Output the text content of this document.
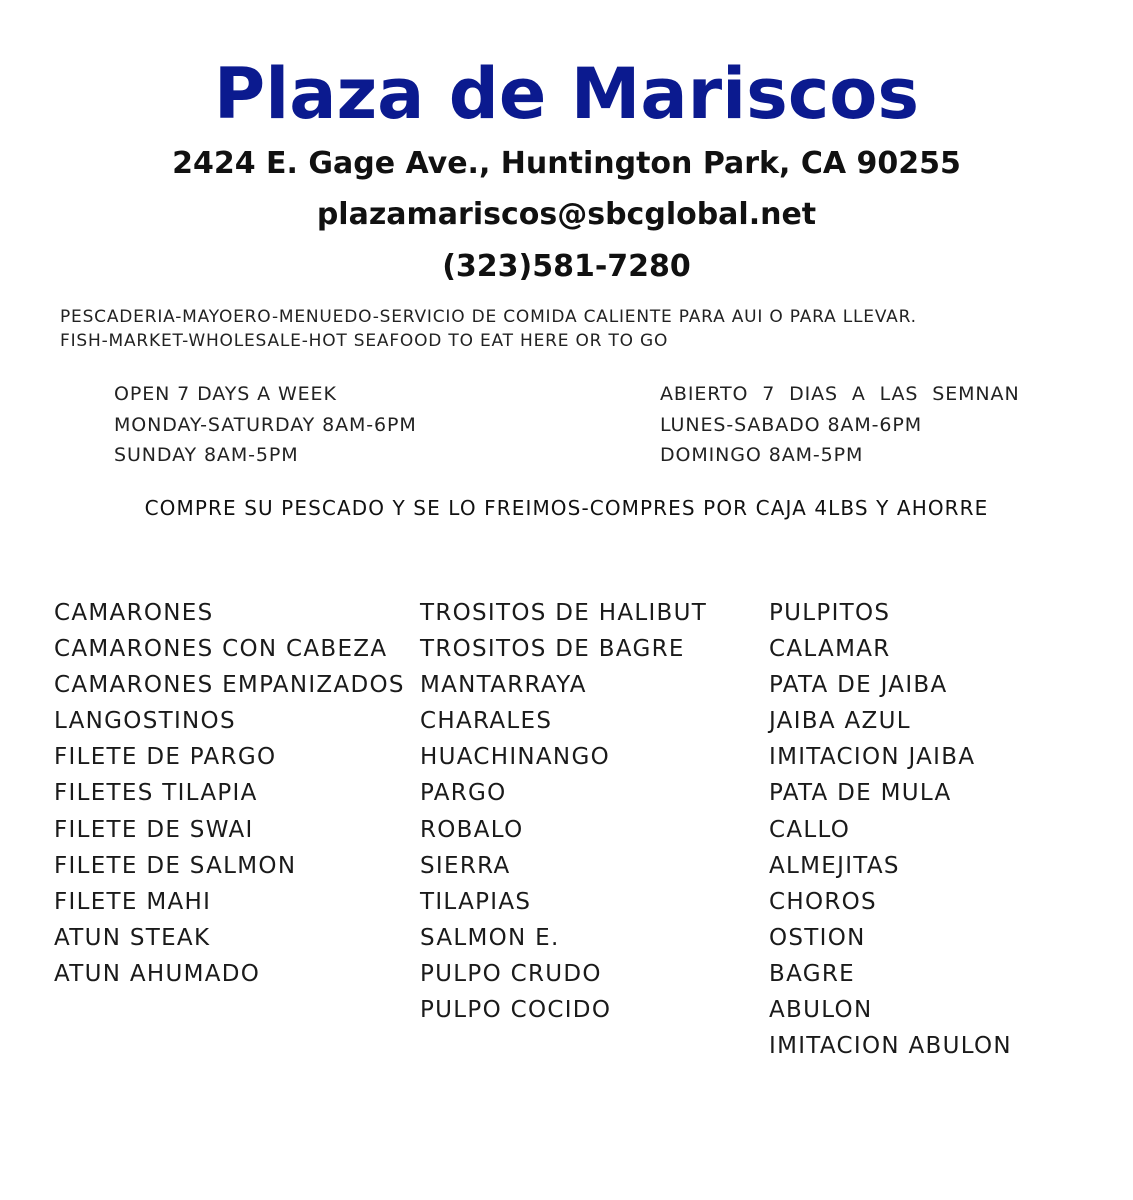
Plaza de Mariscos
2424 E. Gage Ave., Huntington Park, CA 90255
plazamariscos@sbcglobal.net
(323)581-7280
PESCADERIA-MAYOERO-MENUEDO-SERVICIO DE COMIDA CALIENTE PARA AUI O PARA LLEVAR.
FISH-MARKET-WHOLESALE-HOT SEAFOOD TO EAT HERE OR TO GO
OPEN 7 DAYS A WEEK
MONDAY-SATURDAY 8AM-6PM
SUNDAY 8AM-5PM
ABIERTO  7  DIAS  A  LAS  SEMNAN
LUNES-SABADO 8AM-6PM
DOMINGO 8AM-5PM
COMPRE SU PESCADO Y SE LO FREIMOS-COMPRES POR CAJA 4LBS Y AHORRE
CAMARONES
CAMARONES CON CABEZA
CAMARONES EMPANIZADOS
LANGOSTINOS
FILETE DE PARGO
FILETES TILAPIA
FILETE DE SWAI
FILETE DE SALMON
FILETE MAHI
ATUN STEAK
ATUN AHUMADO
TROSITOS DE HALIBUT
TROSITOS DE BAGRE
MANTARRAYA
CHARALES
HUACHINANGO
PARGO
ROBALO
SIERRA
TILAPIAS
SALMON E.
PULPO CRUDO
PULPO COCIDO
PULPITOS
CALAMAR
PATA DE JAIBA
JAIBA AZUL
IMITACION JAIBA
PATA DE MULA
CALLO
ALMEJITAS
CHOROS
OSTION
BAGRE
ABULON
IMITACION ABULON
